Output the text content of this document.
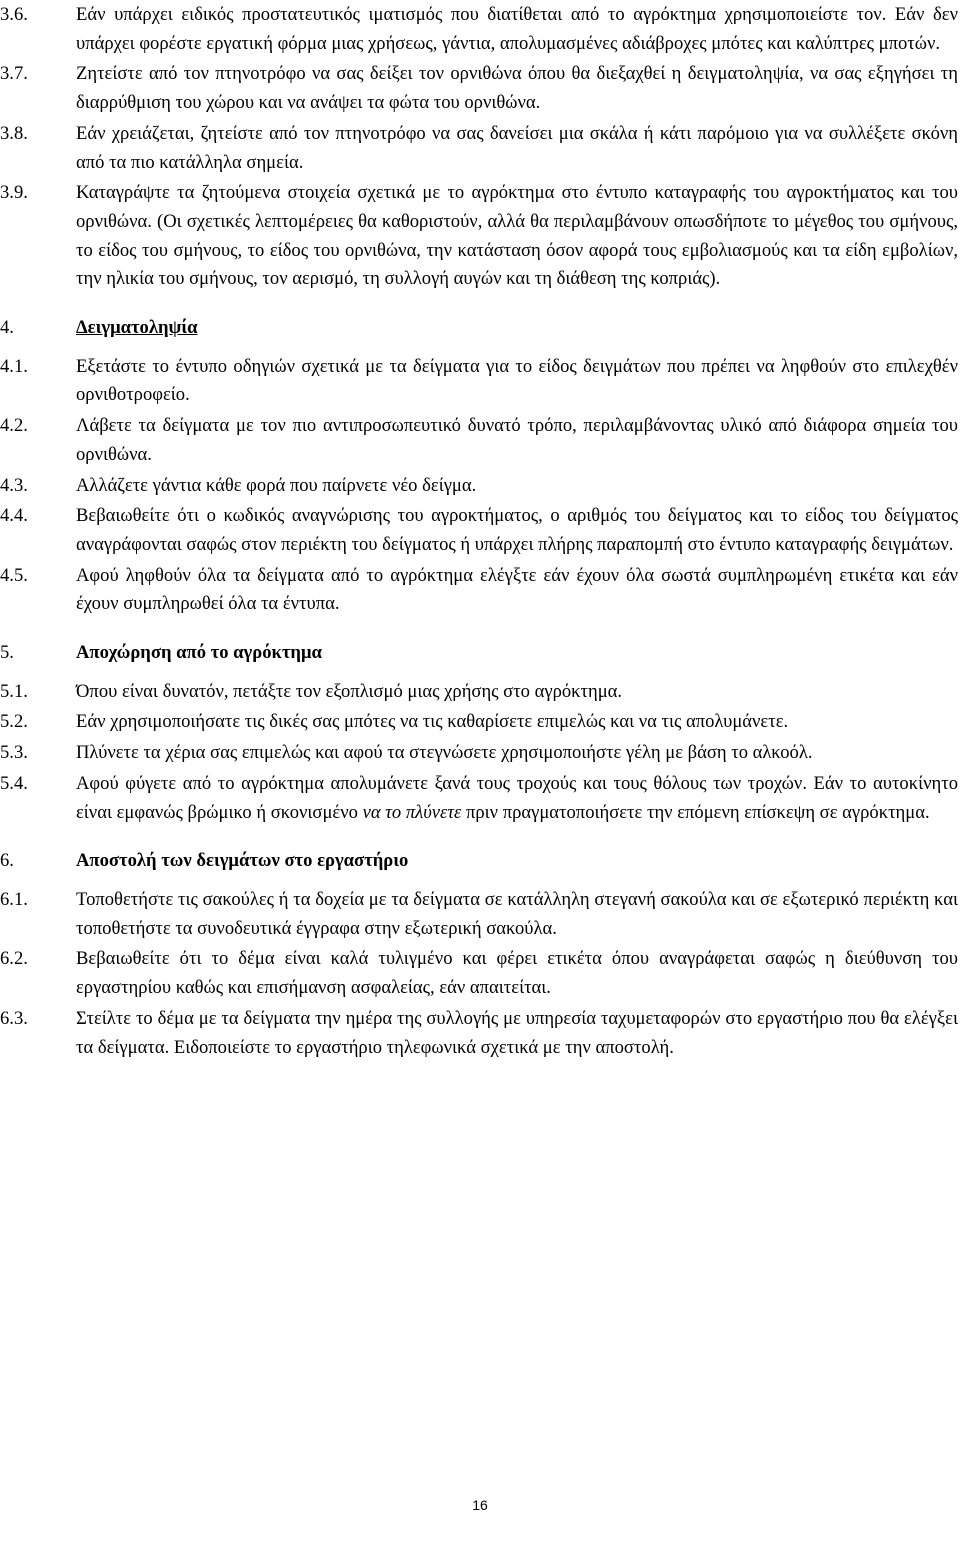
3.6.	Εάν υπάρχει ειδικός προστατευτικός ιματισμός που διατίθεται από το αγρόκτημα χρησιμοποιείστε τον. Εάν δεν υπάρχει φορέστε εργατική φόρμα μιας χρήσεως, γάντια, απολυμασμένες αδιάβροχες μπότες και καλύπτρες μποτών.
3.7.	Ζητείστε από τον πτηνοτρόφο να σας δείξει τον ορνιθώνα όπου θα διεξαχθεί η δειγματοληψία, να σας εξηγήσει τη διαρρύθμιση του χώρου και να ανάψει τα φώτα του ορνιθώνα.
3.8.	Εάν χρειάζεται, ζητείστε από τον πτηνοτρόφο να σας δανείσει μια σκάλα ή κάτι παρόμοιο για να συλλέξετε σκόνη από τα πιο κατάλληλα σημεία.
3.9.	Καταγράψτε τα ζητούμενα στοιχεία σχετικά με το αγρόκτημα στο έντυπο καταγραφής του αγροκτήματος και του ορνιθώνα. (Οι σχετικές λεπτομέρειες θα καθοριστούν, αλλά θα περιλαμβάνουν οπωσδήποτε το μέγεθος του σμήνους, το είδος του σμήνους, το είδος του ορνιθώνα, την κατάσταση όσον αφορά τους εμβολιασμούς και τα είδη εμβολίων, την ηλικία του σμήνους, τον αερισμό, τη συλλογή αυγών και τη διάθεση της κοπριάς).
4.	Δειγματοληψία
4.1.	Εξετάστε το έντυπο οδηγιών σχετικά με τα δείγματα για το είδος δειγμάτων που πρέπει να ληφθούν στο επιλεχθέν ορνιθοτροφείο.
4.2.	Λάβετε τα δείγματα με τον πιο αντιπροσωπευτικό δυνατό τρόπο, περιλαμβάνοντας υλικό από διάφορα σημεία του ορνιθώνα.
4.3.	Αλλάζετε γάντια κάθε φορά που παίρνετε νέο δείγμα.
4.4.	Βεβαιωθείτε ότι ο κωδικός αναγνώρισης του αγροκτήματος, ο αριθμός του δείγματος και το είδος του δείγματος αναγράφονται σαφώς στον περιέκτη του δείγματος ή υπάρχει πλήρης παραπομπή στο έντυπο καταγραφής δειγμάτων.
4.5.	Αφού ληφθούν όλα τα δείγματα από το αγρόκτημα ελέγξτε εάν έχουν όλα σωστά συμπληρωμένη ετικέτα και εάν έχουν συμπληρωθεί όλα τα έντυπα.
5.	Αποχώρηση από το αγρόκτημα
5.1.	Όπου είναι δυνατόν, πετάξτε τον εξοπλισμό μιας χρήσης στο αγρόκτημα.
5.2.	Εάν χρησιμοποιήσατε τις δικές σας μπότες να τις καθαρίσετε επιμελώς και να τις απολυμάνετε.
5.3.	Πλύνετε τα χέρια σας επιμελώς και αφού τα στεγνώσετε χρησιμοποιήστε γέλη με βάση το αλκοόλ.
5.4.	Αφού φύγετε από το αγρόκτημα απολυμάνετε ξανά τους τροχούς και τους θόλους των τροχών. Εάν το αυτοκίνητο είναι εμφανώς βρώμικο ή σκονισμένο να το πλύνετε πριν πραγματοποιήσετε την επόμενη επίσκεψη σε αγρόκτημα.
6.	Αποστολή των δειγμάτων στο εργαστήριο
6.1.	Τοποθετήστε τις σακούλες ή τα δοχεία με τα δείγματα σε κατάλληλη στεγανή σακούλα και σε εξωτερικό περιέκτη και τοποθετήστε τα συνοδευτικά έγγραφα στην εξωτερική σακούλα.
6.2.	Βεβαιωθείτε ότι το δέμα είναι καλά τυλιγμένο και φέρει ετικέτα όπου αναγράφεται σαφώς η διεύθυνση του εργαστηρίου καθώς και επισήμανση ασφαλείας, εάν απαιτείται.
6.3.	Στείλτε το δέμα με τα δείγματα την ημέρα της συλλογής με υπηρεσία ταχυμεταφορών στο εργαστήριο που θα ελέγξει τα δείγματα. Ειδοποιείστε το εργαστήριο τηλεφωνικά σχετικά με την αποστολή.
16
